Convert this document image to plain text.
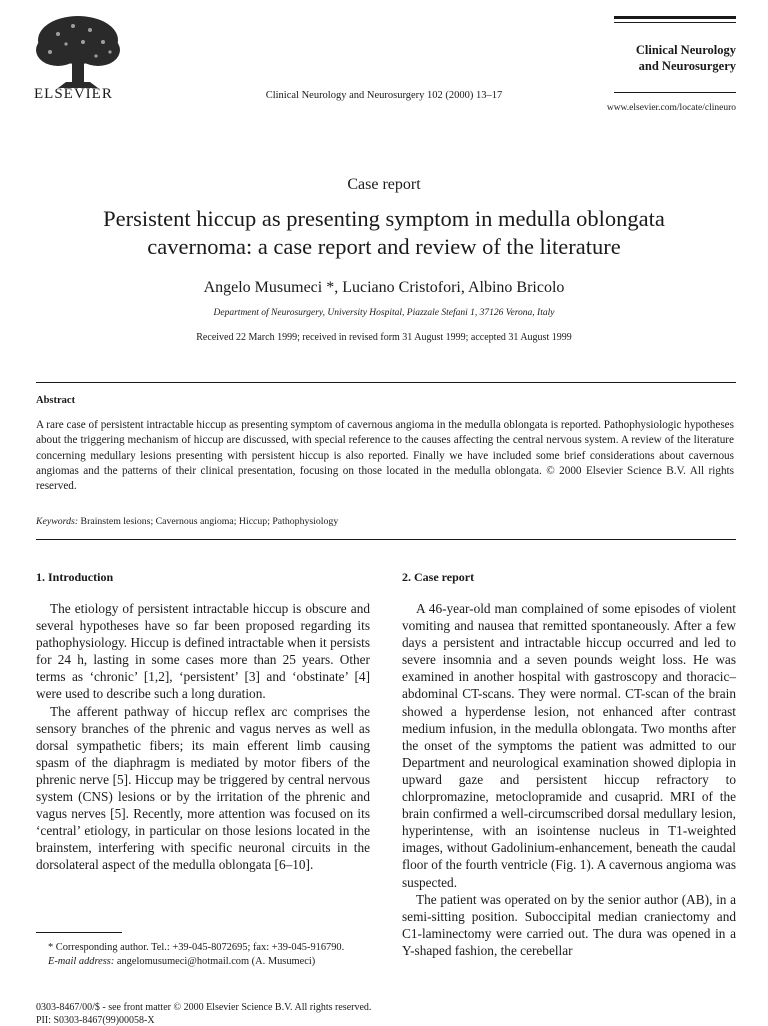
ELSEVIER	Clinical Neurology and Neurosurgery 102 (2000) 13–17
Clinical Neurology
and Neurosurgery
www.elsevier.com/locate/clineuro
Case report
Persistent hiccup as presenting symptom in medulla oblongata
cavernoma: a case report and review of the literature
Angelo Musumeci *, Luciano Cristofori, Albino Bricolo
Department of Neurosurgery, University Hospital, Piazzale Stefani 1, 37126 Verona, Italy
Received 22 March 1999; received in revised form 31 August 1999; accepted 31 August 1999
Abstract
A rare case of persistent intractable hiccup as presenting symptom of cavernous angioma in the medulla oblongata is reported. Pathophysiologic hypotheses about the triggering mechanism of hiccup are discussed, with special reference to the causes affecting the central nervous system. A review of the literature concerning medullary lesions presenting with persistent hiccup is also reported. Finally we have included some brief considerations about cavernous angiomas and the patterns of their clinical presentation, focusing on those located in the medulla oblongata. © 2000 Elsevier Science B.V. All rights reserved.
Keywords: Brainstem lesions; Cavernous angioma; Hiccup; Pathophysiology
1. Introduction

The etiology of persistent intractable hiccup is obscure and several hypotheses have so far been proposed regarding its pathophysiology. Hiccup is defined intractable when it persists for 24 h, lasting in some cases more than 25 years. Other terms as ‘chronic’ [1,2], ‘persistent’ [3] and ‘obstinate’ [4] were used to describe such a long duration.

The afferent pathway of hiccup reflex arc comprises the sensory branches of the phrenic and vagus nerves as well as dorsal sympathetic fibers; its main efferent limb causing spasm of the diaphragm is mediated by motor fibers of the phrenic nerve [5]. Hiccup may be triggered by central nervous system (CNS) lesions or by the irritation of the phrenic and vagus nerves [5]. Recently, more attention was focused on its ‘central’ etiology, in particular on those lesions located in the brainstem, interfering with specific neuronal circuits in the dorsolateral aspect of the medulla oblongata [6–10].

2. Case report

A 46-year-old man complained of some episodes of violent vomiting and nausea that remitted spontaneously. After a few days a persistent and intractable hiccup occurred and led to severe insomnia and a seven pounds weight loss. He was examined in another hospital with gastroscopy and thoracic–abdominal CT-scans. They were normal. CT-scan of the brain showed a hyperdense lesion, not enhanced after contrast medium infusion, in the medulla oblongata. Two months after the onset of the symptoms the patient was admitted to our Department and neurological examination showed diplopia in upward gaze and persistent hiccup refractory to chlorpromazine, metoclopramide and cusaprid. MRI of the brain confirmed a well-circumscribed dorsal medullary lesion, hyperintense, with an isointense nucleus in T1-weighted images, without Gadolinium-enhancement, beneath the caudal floor of the fourth ventricle (Fig. 1). A cavernous angioma was suspected.

The patient was operated on by the senior author (AB), in a semi-sitting position. Suboccipital median craniectomy and C1-laminectomy were carried out. The dura was opened in a Y-shaped fashion, the cerebellar

* Corresponding author. Tel.: +39-045-8072695; fax: +39-045-916790.

E-mail address: angelomusumeci@hotmail.com (A. Musumeci)

0303-8467/00/$ - see front matter © 2000 Elsevier Science B.V. All rights reserved.
PII: S0303-8467(99)00058-X
